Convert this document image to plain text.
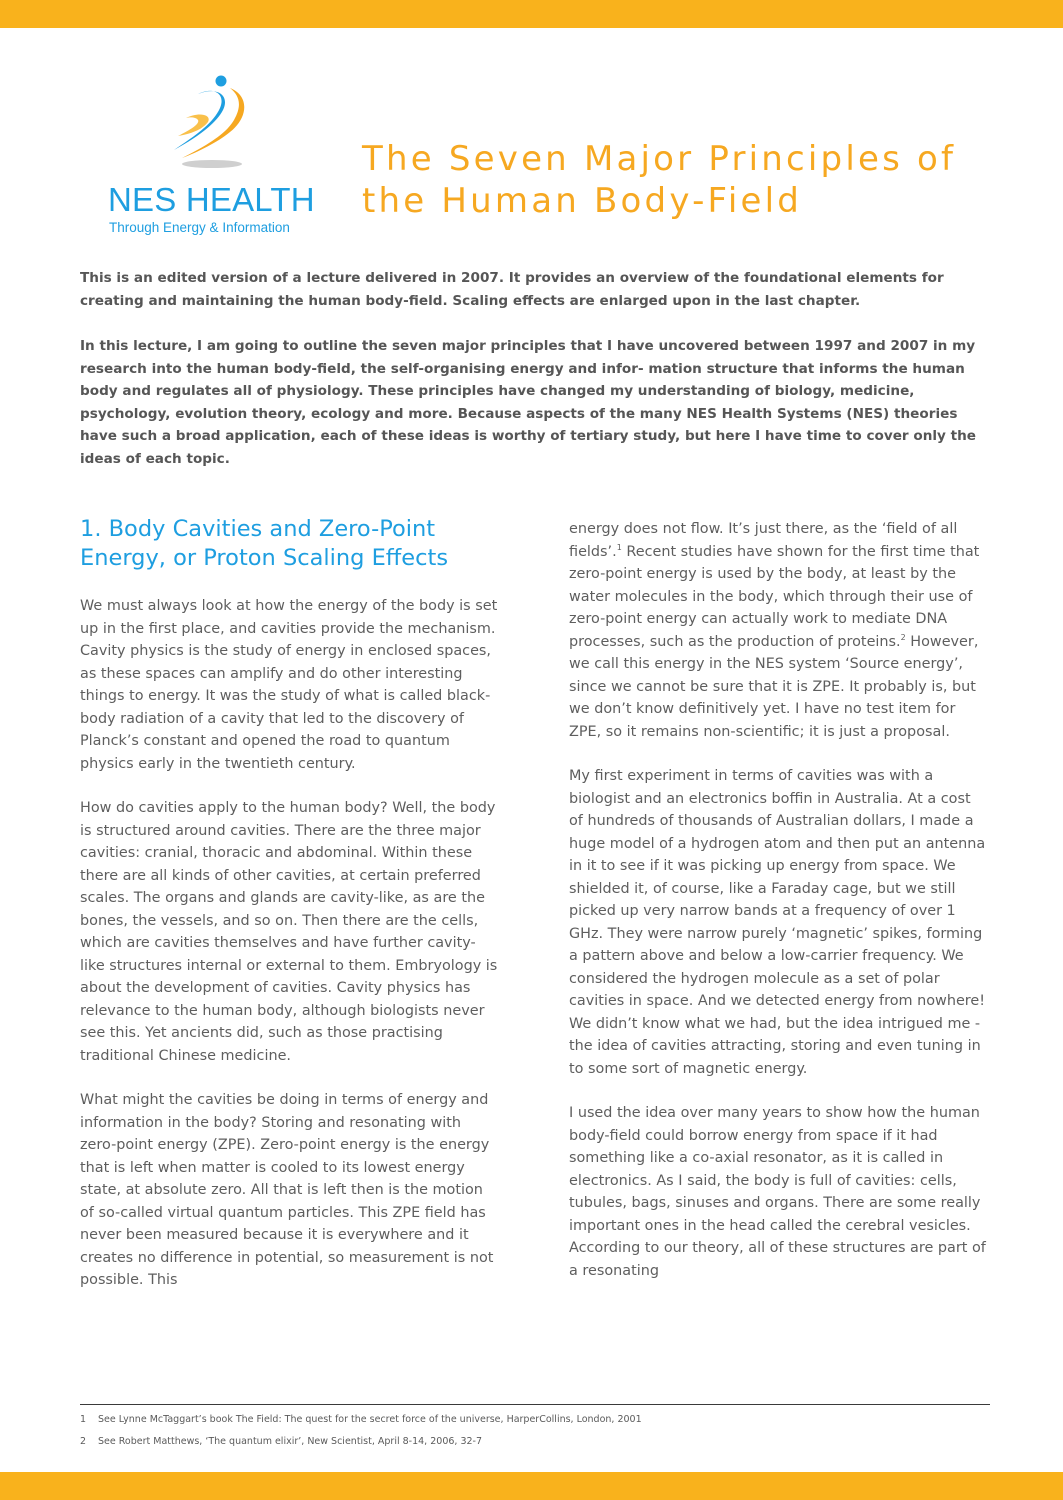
NES HEALTH

Through Energy & Information

The Seven Major Principles of the Human Body-Field

This is an edited version of a lecture delivered in 2007. It provides an overview of the foundational elements for creating and maintaining the human body-field. Scaling effects are enlarged upon in the last chapter.

In this lecture, I am going to outline the seven major principles that I have uncovered between 1997 and 2007 in my research into the human body-field, the self-organising energy and infor- mation structure that informs the human body and regulates all of physiology. These principles have changed my understanding of biology, medicine, psychology, evolution theory, ecology and more. Because aspects of the many NES Health Systems (NES) theories have such a broad application, each of these ideas is worthy of tertiary study, but here I have time to cover only the ideas of each topic.

1. Body Cavities and Zero-Point Energy, or Proton Scaling Effects

We must always look at how the energy of the body is set up in the first place, and cavities provide the mechanism. Cavity physics is the study of energy in enclosed spaces, as these spaces can amplify and do other interesting things to energy. It was the study of what is called black- body radiation of a cavity that led to the discovery of Planck’s constant and opened the road to quantum physics early in the twentieth century.

How do cavities apply to the human body? Well, the body is structured around cavities. There are the three major cavities: cranial, thoracic and abdominal. Within these there are all kinds of other cavities, at certain preferred scales. The organs and glands are cavity-like, as are the bones, the vessels, and so on. Then there are the cells, which are cavities themselves and have further cavity-like structures internal or external to them. Embryology is about the development of cavities. Cavity physics has relevance to the human body, although biologists never see this. Yet ancients did, such as those practising traditional Chinese medicine.

What might the cavities be doing in terms of energy and information in the body? Storing and resonating with zero-point energy (ZPE). Zero-point energy is the energy that is left when matter is cooled to its lowest energy state, at absolute zero. All that is left then is the motion of so-called virtual quantum particles. This ZPE field has never been measured because it is everywhere and it creates no difference in potential, so measurement is not possible. This

energy does not flow. It’s just there, as the ‘field of all fields’.$^1$ Recent studies have shown for the first time that zero-point energy is used by the body, at least by the water molecules in the body, which through their use of zero-point energy can actually work to mediate DNA processes, such as the production of proteins.$^2$ However, we call this energy in the NES system ‘Source energy’, since we cannot be sure that it is ZPE. It probably is, but we don’t know definitively yet. I have no test item for ZPE, so it remains non-scientific; it is just a proposal.

My first experiment in terms of cavities was with a biologist and an electronics boffin in Australia. At a cost of hundreds of thousands of Australian dollars, I made a huge model of a hydrogen atom and then put an antenna in it to see if it was picking up energy from space. We shielded it, of course, like a Faraday cage, but we still picked up very narrow bands at a frequency of over 1 GHz. They were narrow purely ‘magnetic’ spikes, forming a pattern above and below a low-carrier frequency. We considered the hydrogen molecule as a set of polar cavities in space. And we detected energy from nowhere! We didn’t know what we had, but the idea intrigued me - the idea of cavities attracting, storing and even tuning in to some sort of magnetic energy.

I used the idea over many years to show how the human body-field could borrow energy from space if it had something like a co-axial resonator, as it is called in electronics. As I said, the body is full of cavities: cells, tubules, bags, sinuses and organs. There are some really important ones in the head called the cerebral vesicles. According to our theory, all of these structures are part of a resonating

1 See Lynne McTaggart’s book The Field: The quest for the secret force of the universe, HarperCollins, London, 2001

2 See Robert Matthews, ‘The quantum elixir’, New Scientist, April 8-14, 2006, 32-7
